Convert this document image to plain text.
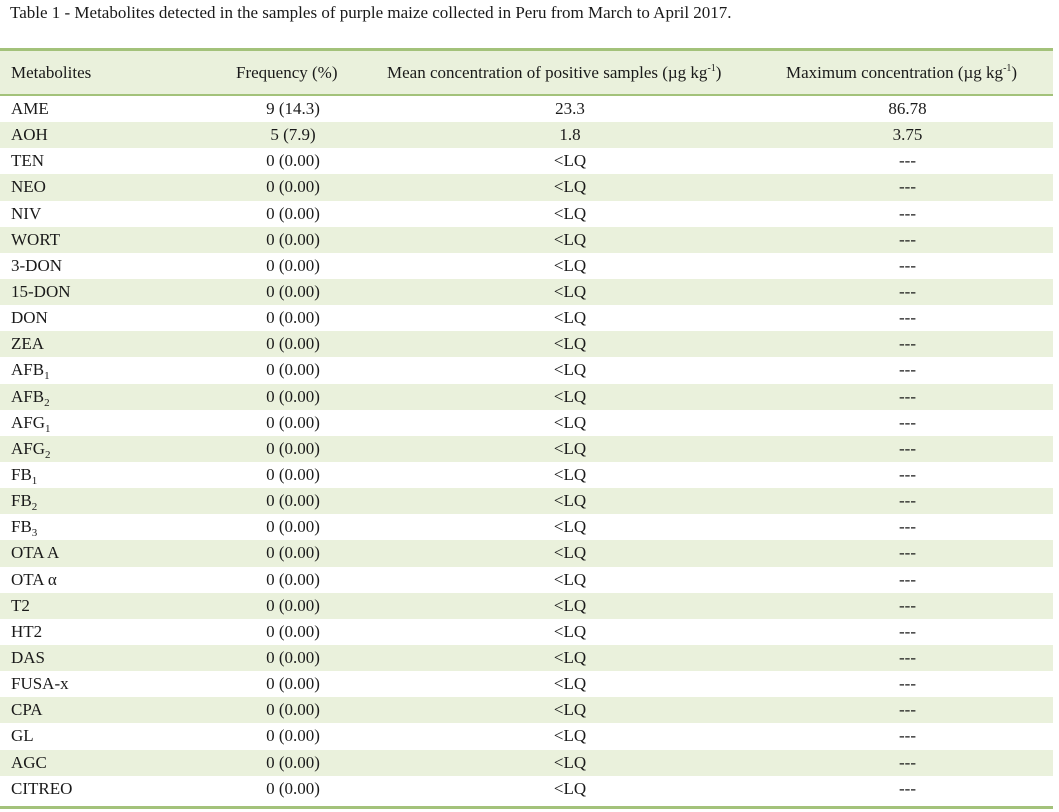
Table 1 - Metabolites detected in the samples of purple maize collected in Peru from March to April 2017.
Metabolites	Frequency (%)	Mean concentration of positive samples (µg $kg^{-1}$)	Maximum concentration (µg $kg^{-1}$)
AME	9 (14.3)	23.3	86.78
AOH	5 (7.9)	1.8	3.75
TEN	0 (0.00)	<LQ	---
NEO	0 (0.00)	<LQ	---
NIV	0 (0.00)	<LQ	---
WORT	0 (0.00)	<LQ	---
3-DON	0 (0.00)	<LQ	---
15-DON	0 (0.00)	<LQ	---
DON	0 (0.00)	<LQ	---
ZEA	0 (0.00)	<LQ	---
$AFB_1$	0 (0.00)	<LQ	---
$AFB_2$	0 (0.00)	<LQ	---
$AFG_1$	0 (0.00)	<LQ	---
$AFG_2$	0 (0.00)	<LQ	---
$FB_1$	0 (0.00)	<LQ	---
$FB_2$	0 (0.00)	<LQ	---
$FB_3$	0 (0.00)	<LQ	---
OTA A	0 (0.00)	<LQ	---
OTA α	0 (0.00)	<LQ	---
T2	0 (0.00)	<LQ	---
HT2	0 (0.00)	<LQ	---
DAS	0 (0.00)	<LQ	---
FUSA-x	0 (0.00)	<LQ	---
CPA	0 (0.00)	<LQ	---
GL	0 (0.00)	<LQ	---
AGC	0 (0.00)	<LQ	---
CITREO	0 (0.00)	<LQ	---
